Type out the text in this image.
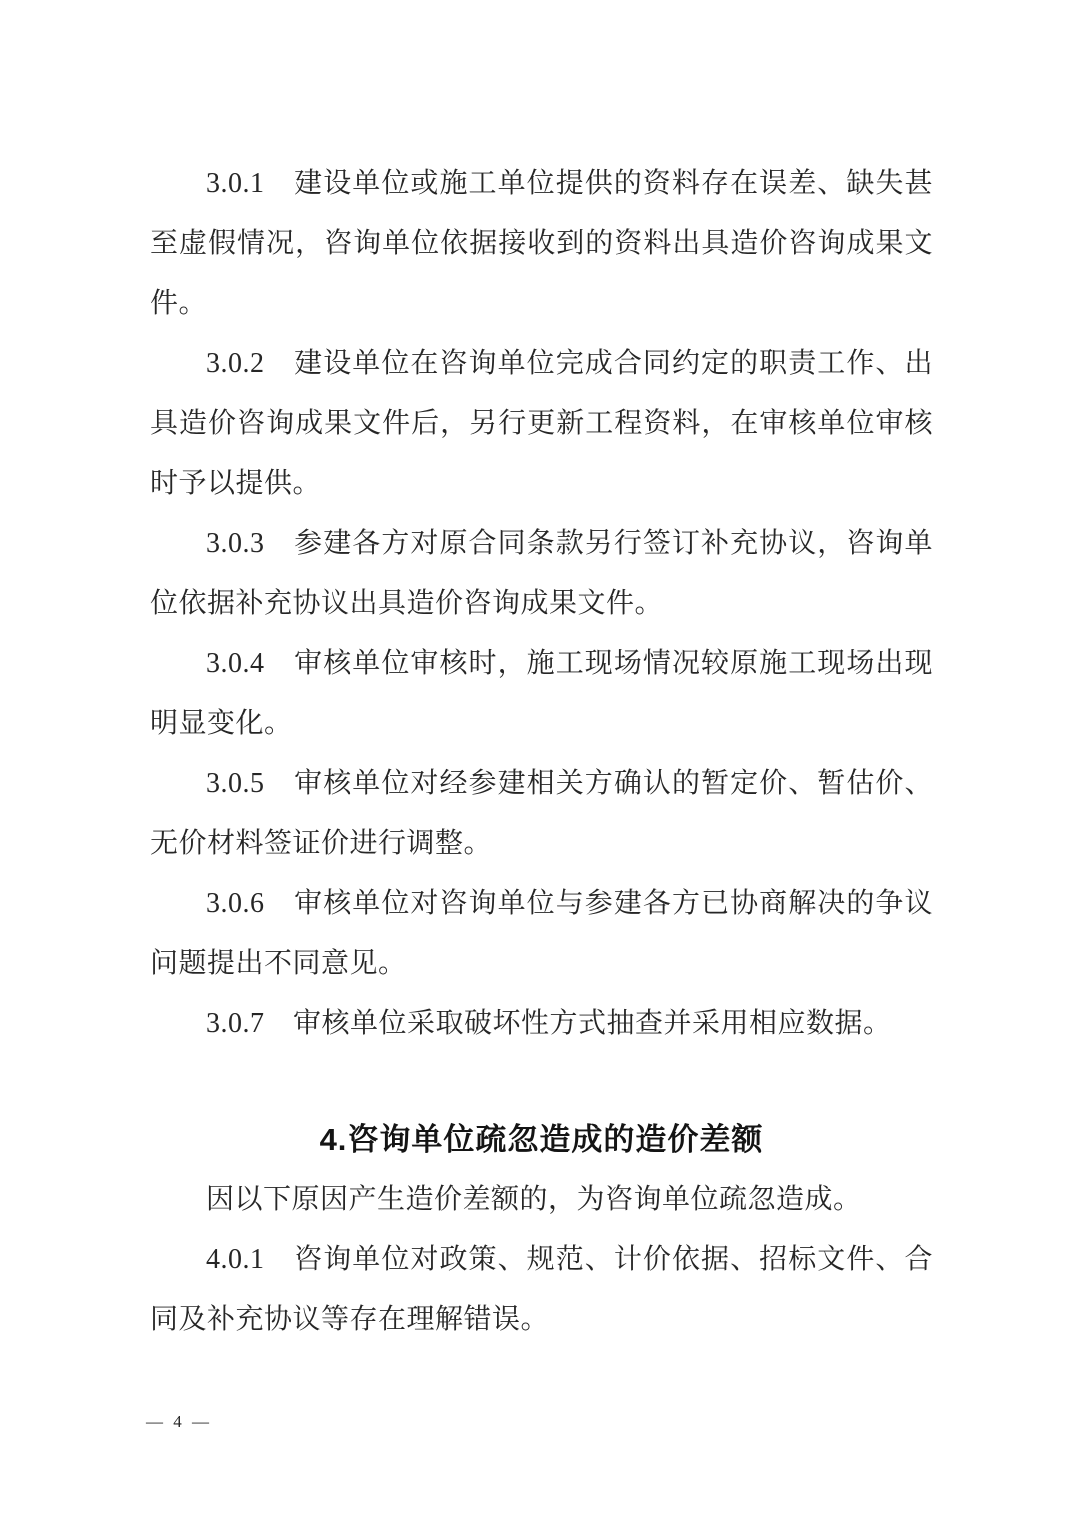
3.0.1　建设单位或施工单位提供的资料存在误差、缺失甚
至虚假情况，咨询单位依据接收到的资料出具造价咨询成果文
件。
3.0.2　建设单位在咨询单位完成合同约定的职责工作、出
具造价咨询成果文件后，另行更新工程资料，在审核单位审核
时予以提供。
3.0.3　参建各方对原合同条款另行签订补充协议，咨询单
位依据补充协议出具造价咨询成果文件。
3.0.4　审核单位审核时，施工现场情况较原施工现场出现
明显变化。
3.0.5　审核单位对经参建相关方确认的暂定价、暂估价、
无价材料签证价进行调整。
3.0.6　审核单位对咨询单位与参建各方已协商解决的争议
问题提出不同意见。
3.0.7　审核单位采取破坏性方式抽查并采用相应数据。
4.咨询单位疏忽造成的造价差额
因以下原因产生造价差额的，为咨询单位疏忽造成。
4.0.1　咨询单位对政策、规范、计价依据、招标文件、合
同及补充协议等存在理解错误。
— 4 —
